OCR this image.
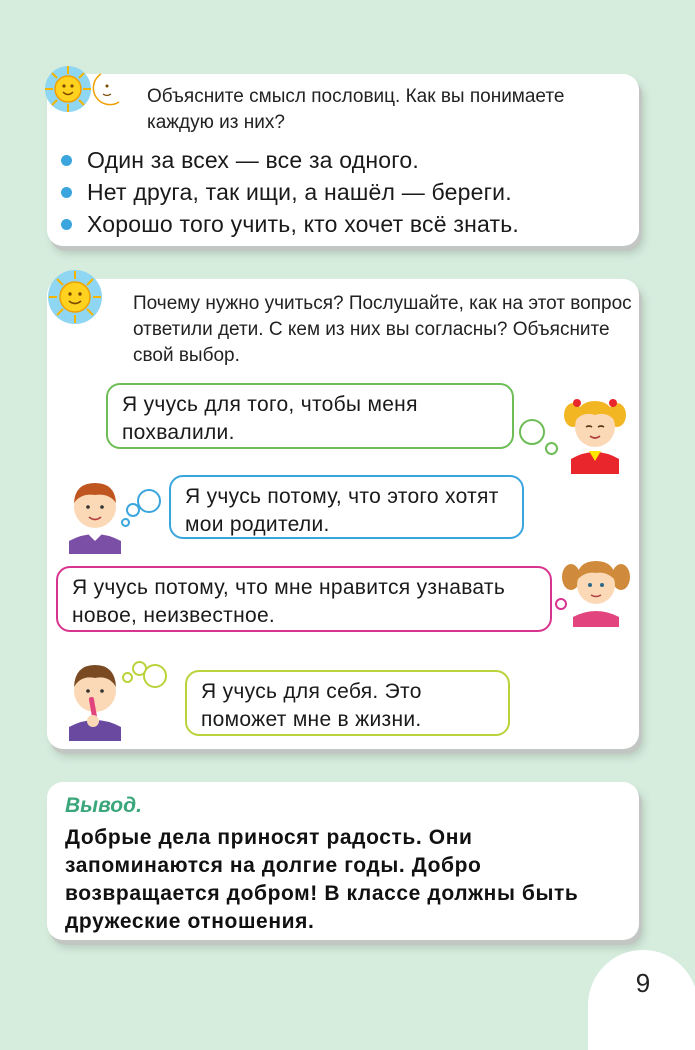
Объясните смысл пословиц. Как вы понимаете каждую из них?
Один за всех — все за одного.
Нет друга, так ищи, а нашёл — береги.
Хорошо того учить, кто хочет всё знать.
Почему нужно учиться? Послушайте, как на этот вопрос ответили дети. С кем из них вы согласны? Объясните свой выбор.
Я учусь для того, чтобы меня похвалили.
Я учусь потому, что этого хотят мои родители.
Я учусь потому, что мне нравится узнавать новое, неизвестное.
Я учусь для себя. Это поможет мне в жизни.
Вывод.
Добрые дела приносят радость. Они запоминаются на долгие годы. Добро возвращается добром! В классе должны быть дружеские отношения.
9
